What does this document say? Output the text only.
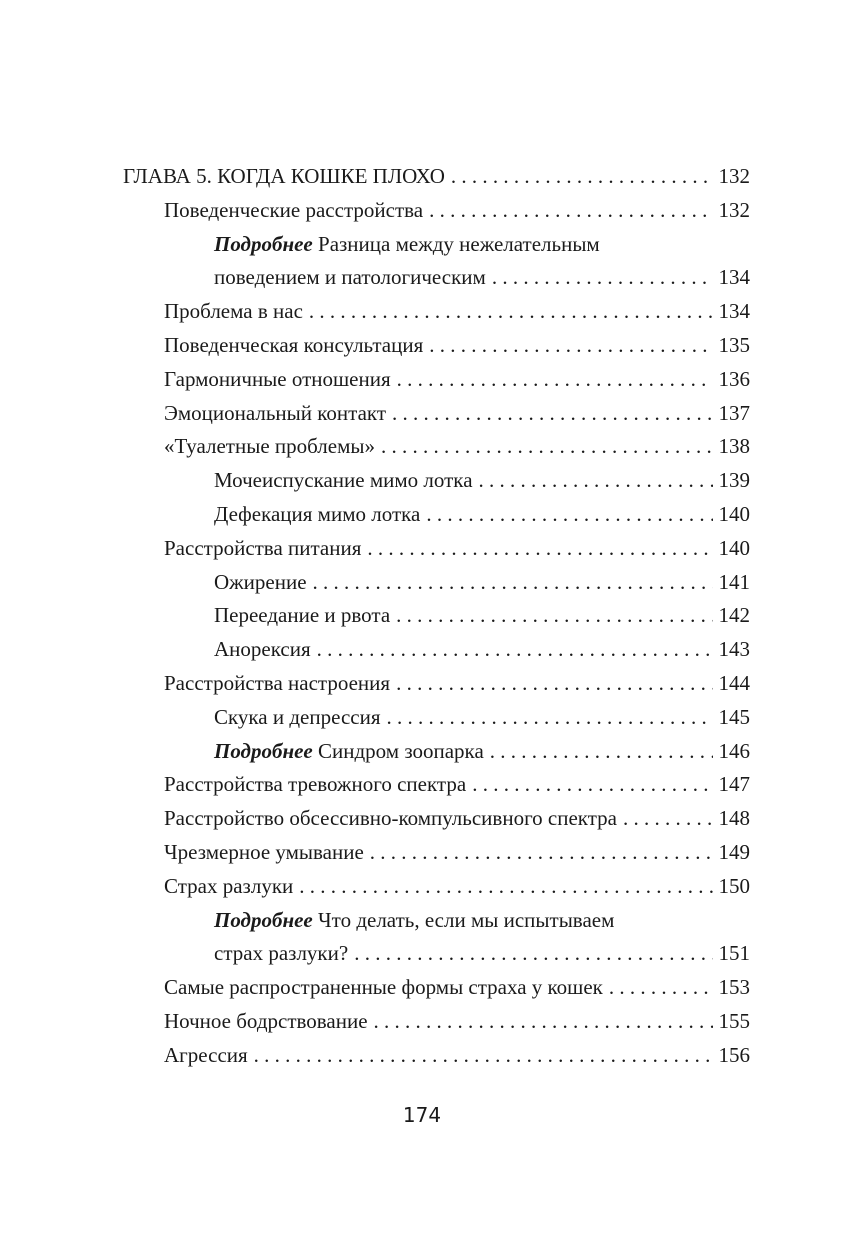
ГЛАВА 5. КОГДА КОШКЕ ПЛОХО . . .	132
Поведенческие расстройства . . .	132
Подробнее Разница между нежелательным
поведением и патологическим . . .	134
Проблема в нас . . .	134
Поведенческая консультация . . .	135
Гармоничные отношения . . .	136
Эмоциональный контакт . . .	137
«Туалетные проблемы» . . .	138
Мочеиспускание мимо лотка . . .	139
Дефекация мимо лотка . . .	140
Расстройства питания . . .	140
Ожирение . . .	141
Переедание и рвота . . .	142
Анорексия . . .	143
Расстройства настроения . . .	144
Скука и депрессия . . .	145
Подробнее Синдром зоопарка . . .	146
Расстройства тревожного спектра . . .	147
Расстройство обсессивно-компульсивного спектра . . .	148
Чрезмерное умывание . . .	149
Страх разлуки . . .	150
Подробнее Что делать, если мы испытываем
страх разлуки? . . .	151
Самые распространенные формы страха у кошек . . .	153
Ночное бодрствование . . .	155
Агрессия . . .	156
174
